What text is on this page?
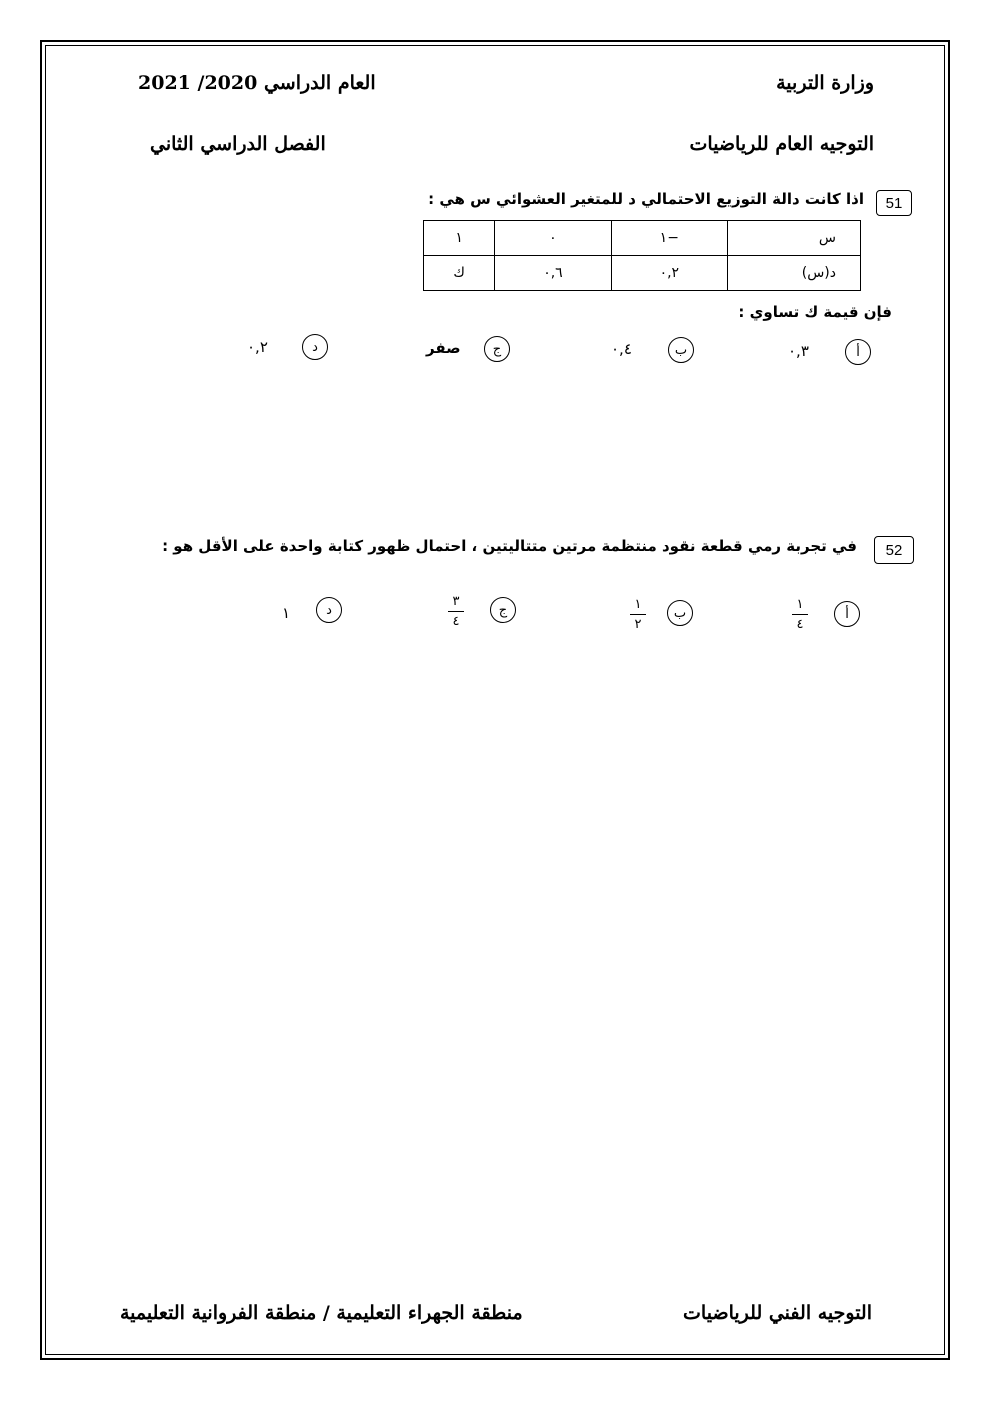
وزارة التربية
العام الدراسي 2020/ 2021
التوجيه العام للرياضيات
الفصل الدراسي الثاني
51
اذا كانت دالة التوزيع الاحتمالي د للمتغير العشوائي س هي :
س	−١	٠	١
د(س)	٠,٢	٠,٦	ك
فإن قيمة ك تساوي :
أ
٠,٣
ب
٠,٤
ج
صفر
د
٠,٢
52
في تجربة رمي قطعة نقود منتظمة مرتين متتاليتين ، احتمال ظهور كتابة واحدة على الأقل هو :
أ
١
٤
ب
١
٢
ج
٣
٤
د
١
التوجيه الفني للرياضيات
منطقة الجهراء التعليمية / منطقة الفروانية التعليمية
